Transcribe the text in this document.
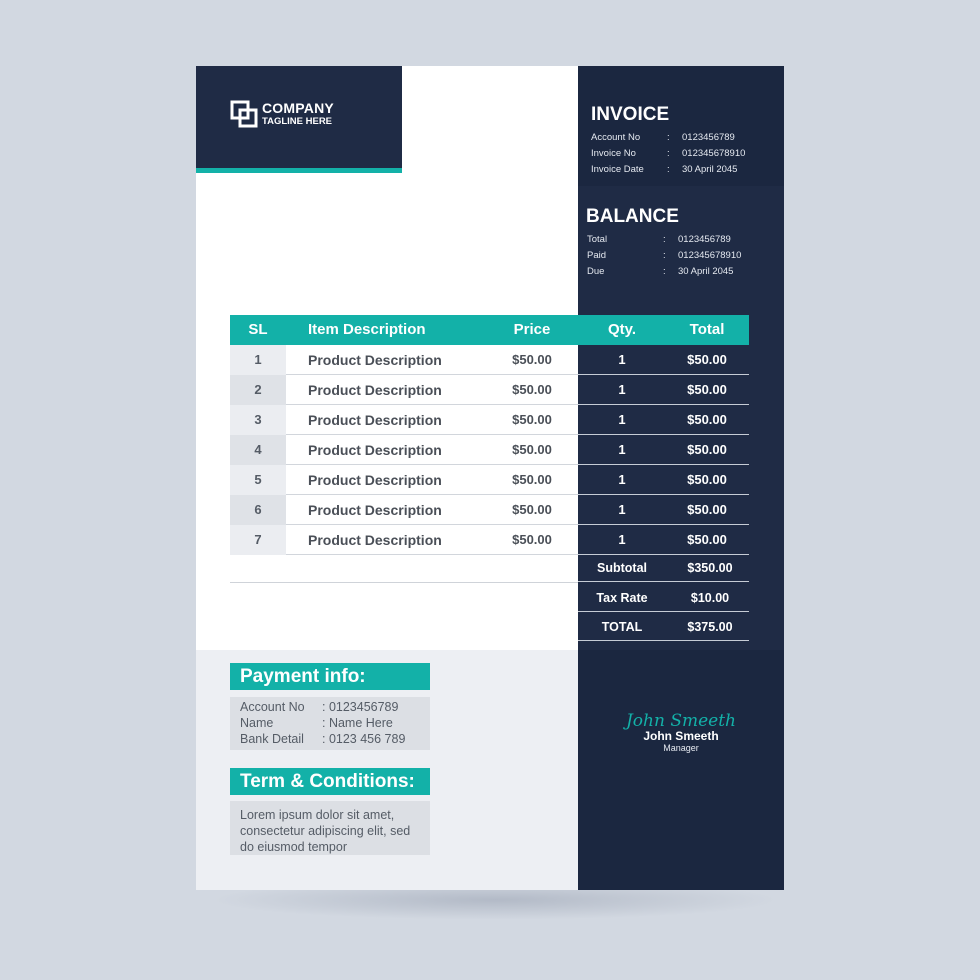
COMPANY
TAGLINE HERE	INVOICE
Account No	: 0123456789
Invoice No	: 012345678910
Invoice Date : 30 April 2045
BALANCE
Total	: 0123456789
Paid	: 012345678910
Due	: 30 April 2045
SL	Item Description	Price	Qty.	Total
1	Product Description	$50.00	1	$50.00
2	Product Description	$50.00	1	$50.00
3	Product Description	$50.00	1	$50.00
4	Product Description	$50.00	1	$50.00
5	Product Description	$50.00	1	$50.00
6	Product Description	$50.00	1	$50.00
7	Product Description	$50.00	1	$50.00
Subtotal	$350.00
Tax Rate	$10.00
TOTAL	$375.00
Payment info:
Account No : 0123456789
Name	: Name Here
Bank Detail : 0123 456 789
Term & Conditions:
Lorem ipsum dolor sit amet, consectetur adipiscing elit, sed do eiusmod tempor
John Smeeth
John Smeeth
Manager
